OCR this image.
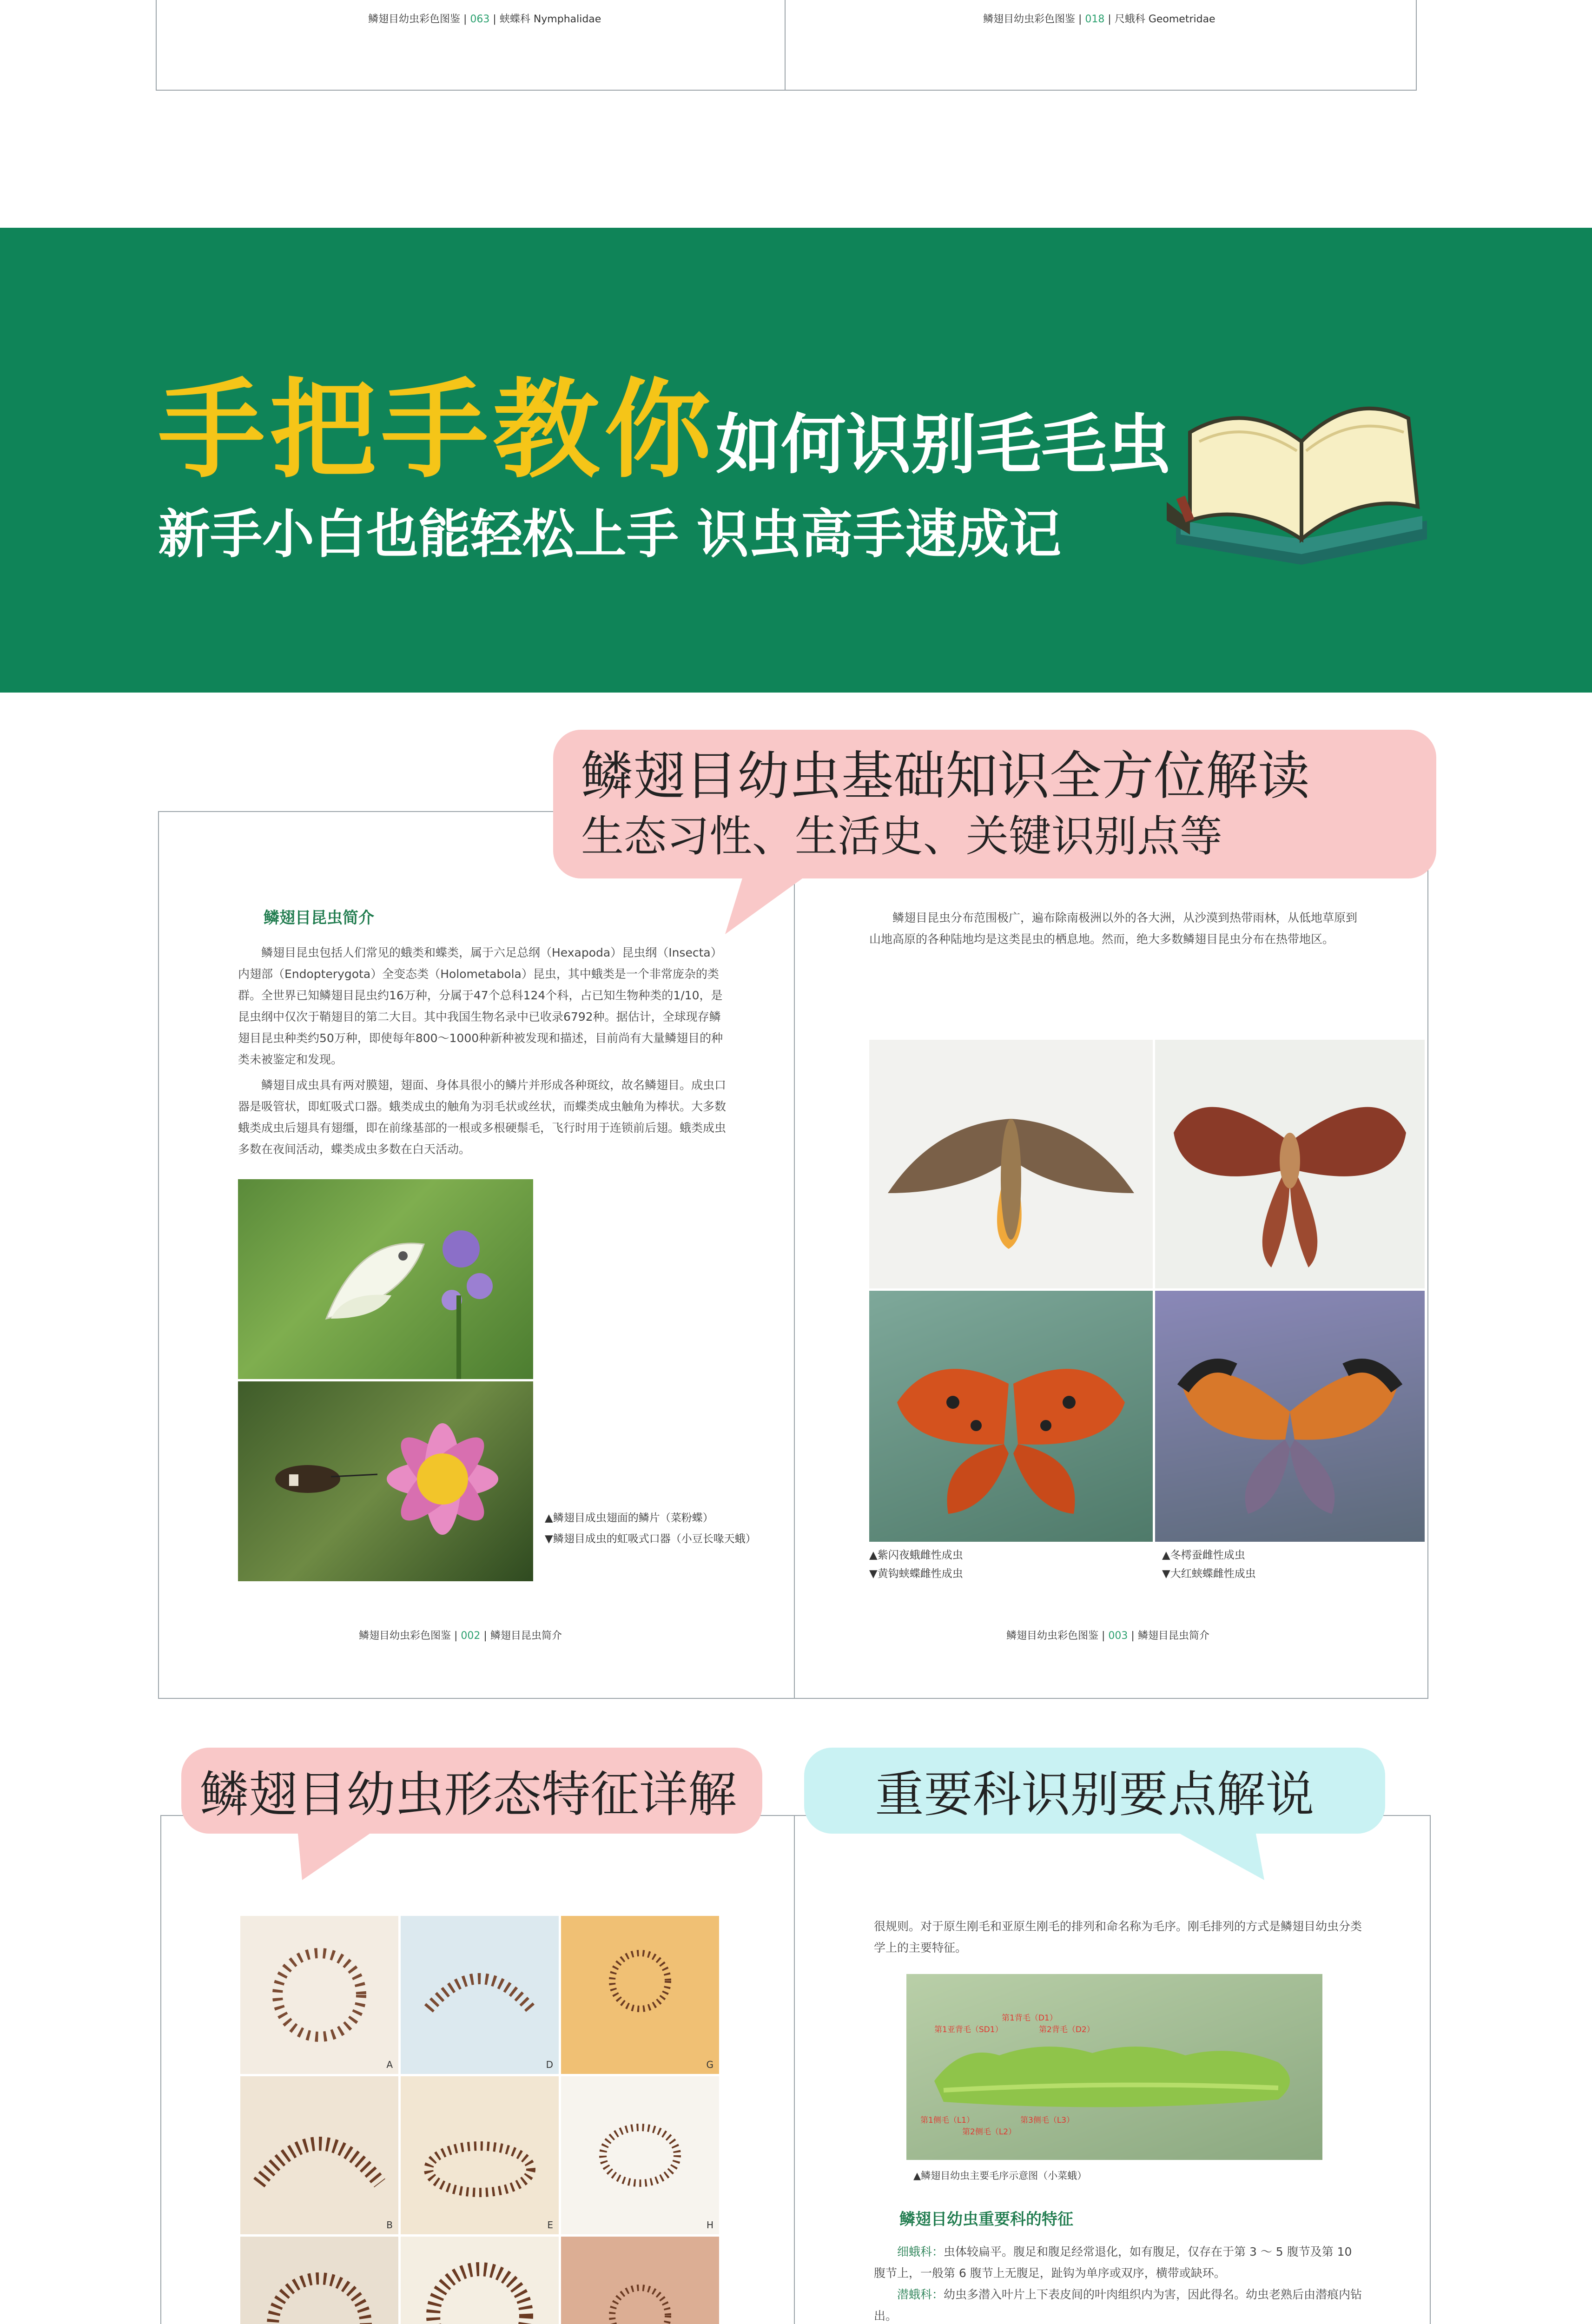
鳞翅目幼虫彩色图鉴 | 063 | 蛱蝶科 Nymphalidae	鳞翅目幼虫彩色图鉴 | 018 | 尺蛾科 Geometridae
手把手教你如何识别毛毛虫
新手小白也能轻松上手 识虫高手速成记
鳞翅目昆虫简介
鳞翅目昆虫包括人们常见的蛾类和蝶类，属于六足总纲（Hexapoda）昆虫纲（Insecta）内翅部（Endopterygota）全变态类（Holometabola）昆虫，其中蛾类是一个非常庞杂的类群。全世界已知鳞翅目昆虫约16万种，分属于47个总科124个科，占已知生物种类的1/10，是昆虫纲中仅次于鞘翅目的第二大目。其中我国生物名录中已收录6792种。据估计，全球现存鳞翅目昆虫种类约50万种，即使每年800～1000种新种被发现和描述，目前尚有大量鳞翅目的种类未被鉴定和发现。
鳞翅目成虫具有两对膜翅，翅面、身体具很小的鳞片并形成各种斑纹，故名鳞翅目。成虫口器是吸管状，即虹吸式口器。蛾类成虫的触角为羽毛状或丝状，而蝶类成虫触角为棒状。大多数蛾类成虫后翅具有翅缰，即在前缘基部的一根或多根硬鬃毛，飞行时用于连锁前后翅。蛾类成虫多数在夜间活动，蝶类成虫多数在白天活动。
▲鳞翅目成虫翅面的鳞片（菜粉蝶）
▼鳞翅目成虫的虹吸式口器（小豆长喙天蛾）
鳞翅目幼虫彩色图鉴 | 002 | 鳞翅目昆虫简介
鳞翅目昆虫分布范围极广，遍布除南极洲以外的各大洲，从沙漠到热带雨林，从低地草原到山地高原的各种陆地均是这类昆虫的栖息地。然而，绝大多数鳞翅目昆虫分布在热带地区。
▲紫闪夜蛾雌性成虫
▼黄钩蛱蝶雌性成虫
▲冬樗蚕雌性成虫
▼大红蛱蝶雌性成虫
鳞翅目幼虫彩色图鉴 | 003 | 鳞翅目昆虫简介
鳞翅目幼虫基础知识全方位解读
生态习性、生活史、关键识别点等
A	D	G
B	E	H
很规则。对于原生刚毛和亚原生刚毛的排列和命名称为毛序。刚毛排列的方式是鳞翅目幼虫分类学上的主要特征。
第1背毛（D1）
第1亚背毛（SD1）	第2背毛（D2）
第1侧毛（L1）	第3侧毛（L3）
第2侧毛（L2）
▲鳞翅目幼虫主要毛序示意图（小菜蛾）
鳞翅目幼虫重要科的特征
细蛾科：虫体较扁平。腹足和腹足经常退化，如有腹足，仅存在于第 3 ～ 5 腹节及第 10 腹节上，一般第 6 腹节上无腹足，趾钩为单序或双序，横带或缺环。
潜蛾科：幼虫多潜入叶片上下表皮间的叶肉组织内为害，因此得名。幼虫老熟后由潜痕内钻出。
鳞翅目幼虫形态特征详解	重要科识别要点解说
